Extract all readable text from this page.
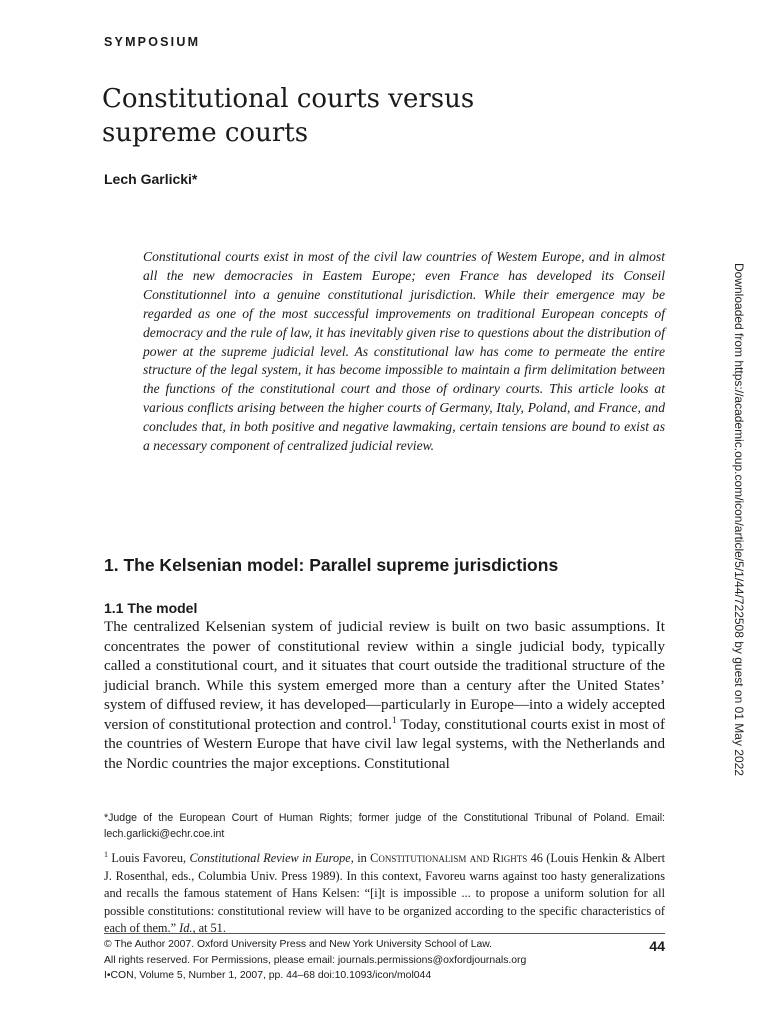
SYMPOSIUM
Constitutional courts versus
supreme courts
Lech Garlicki*

Constitutional courts exist in most of the civil law countries of Westem Europe, and in almost all the new democracies in Eastem Europe; even France has developed its Conseil Constitutionnel into a genuine constitutional jurisdiction. While their emergence may be regarded as one of the most successful improvements on traditional European concepts of democracy and the rule of law, it has inevitably given rise to questions about the distribution of power at the supreme judicial level. As constitutional law has come to permeate the entire structure of the legal system, it has become impossible to maintain a firm delimitation between the functions of the constitutional court and those of ordinary courts. This article looks at various conflicts arising between the higher courts of Germany, Italy, Poland, and France, and concludes that, in both positive and negative lawmaking, certain tensions are bound to exist as a necessary component of centralized judicial review.

1. The Kelsenian model: Parallel supreme jurisdictions
1.1 The model

The centralized Kelsenian system of judicial review is built on two basic assumptions. It concentrates the power of constitutional review within a single judicial body, typically called a constitutional court, and it situates that court outside the traditional structure of the judicial branch. While this system emerged more than a century after the United States’ system of diffused review, it has developed—particularly in Europe—into a widely accepted version of constitutional protection and control.$^1$ Today, constitutional courts exist in most of the countries of Western Europe that have civil law legal systems, with the Netherlands and the Nordic countries the major exceptions. Constitutional

*Judge of the European Court of Human Rights; former judge of the Constitutional Tribunal of Poland. Email: lech.garlicki@echr.coe.int

$^1$ Louis Favoreu, Constitutional Review in Europe, in Constitutionalism and Rights 46 (Louis Henkin & Albert J. Rosenthal, eds., Columbia Univ. Press 1989). In this context, Favoreu warns against too hasty generalizations and recalls the famous statement of Hans Kelsen: “[i]t is impossible ... to propose a uniform solution for all possible constitutions: constitutional review will have to be organized according to the specific characteristics of each of them.” Id., at 51.

© The Author 2007. Oxford University Press and New York University School of Law.
All rights reserved. For Permissions, please email: journals.permissions@oxfordjournals.org
I•CON, Volume 5, Number 1, 2007, pp. 44–68 doi:10.1093/icon/mol044
44
Downloaded from https://academic.oup.com/icon/article/5/1/44/722508 by guest on 01 May 2022
